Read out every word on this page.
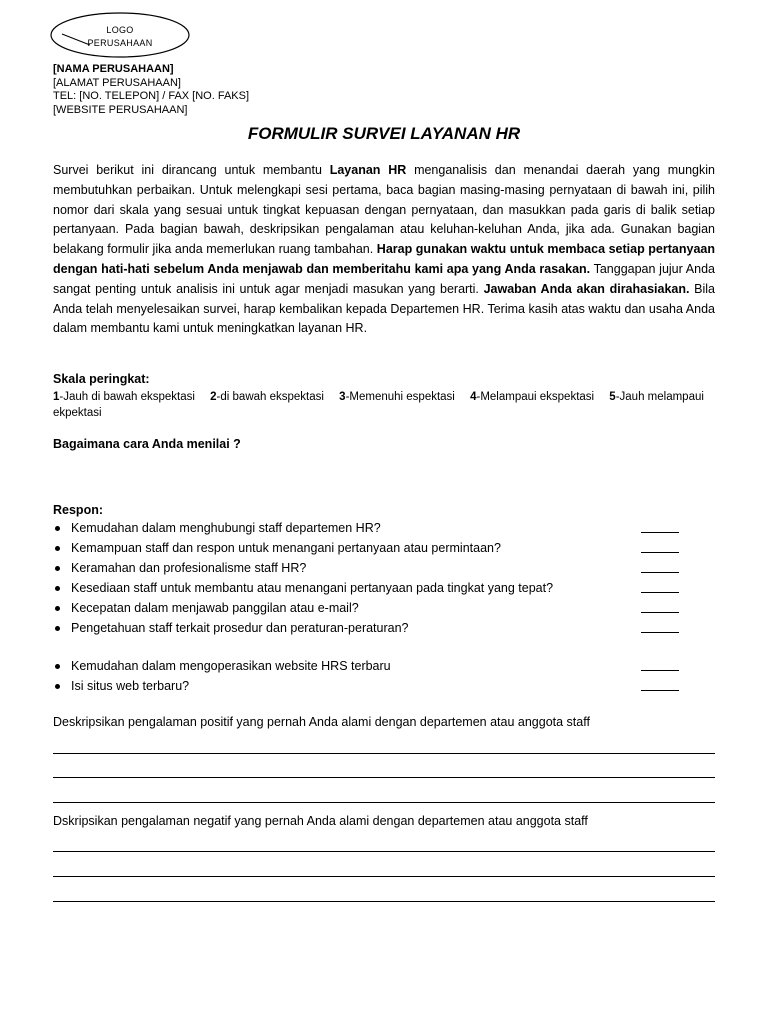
LOGO
PERUSAHAAN
[NAMA PERUSAHAAN]
[ALAMAT PERUSAHAAN]
TEL: [NO. TELEPON] / FAX [NO. FAKS]
[WEBSITE PERUSAHAAN]
FORMULIR SURVEI LAYANAN HR
Survei berikut ini dirancang untuk membantu Layanan HR menganalisis dan menandai daerah yang mungkin membutuhkan perbaikan. Untuk melengkapi sesi pertama, baca bagian masing-masing pernyataan di bawah ini, pilih nomor dari skala yang sesuai untuk tingkat kepuasan dengan pernyataan, dan masukkan pada garis di balik setiap pertanyaan. Pada bagian bawah, deskripsikan pengalaman atau keluhan-keluhan Anda, jika ada. Gunakan bagian belakang formulir jika anda memerlukan ruang tambahan. Harap gunakan waktu untuk membaca setiap pertanyaan dengan hati-hati sebelum Anda menjawab dan memberitahu kami apa yang Anda rasakan. Tanggapan jujur Anda sangat penting untuk analisis ini untuk agar menjadi masukan yang berarti. Jawaban Anda akan dirahasiakan. Bila Anda telah menyelesaikan survei, harap kembalikan kepada Departemen HR. Terima kasih atas waktu dan usaha Anda dalam membantu kami untuk meningkatkan layanan HR.
Skala peringkat:
1-Jauh di bawah ekspektasi 2-di bawah ekspektasi 3-Memenuhi espektasi 4-Melampaui ekspektasi 5-Jauh melampaui ekpektasi
Bagaimana cara Anda menilai ?
Respon:
Kemudahan dalam menghubungi staff departemen HR?
Kemampuan staff dan respon untuk menangani pertanyaan atau permintaan?
Keramahan dan profesionalisme staff HR?
Kesediaan staff untuk membantu atau menangani pertanyaan pada tingkat yang tepat?
Kecepatan dalam menjawab panggilan atau e-mail?
Pengetahuan staff terkait prosedur dan peraturan-peraturan?
Kemudahan dalam mengoperasikan website HRS terbaru
Isi situs web terbaru?
Deskripsikan pengalaman positif yang pernah Anda alami dengan departemen atau anggota staff
Dskripsikan pengalaman negatif yang pernah Anda alami dengan departemen atau anggota staff
